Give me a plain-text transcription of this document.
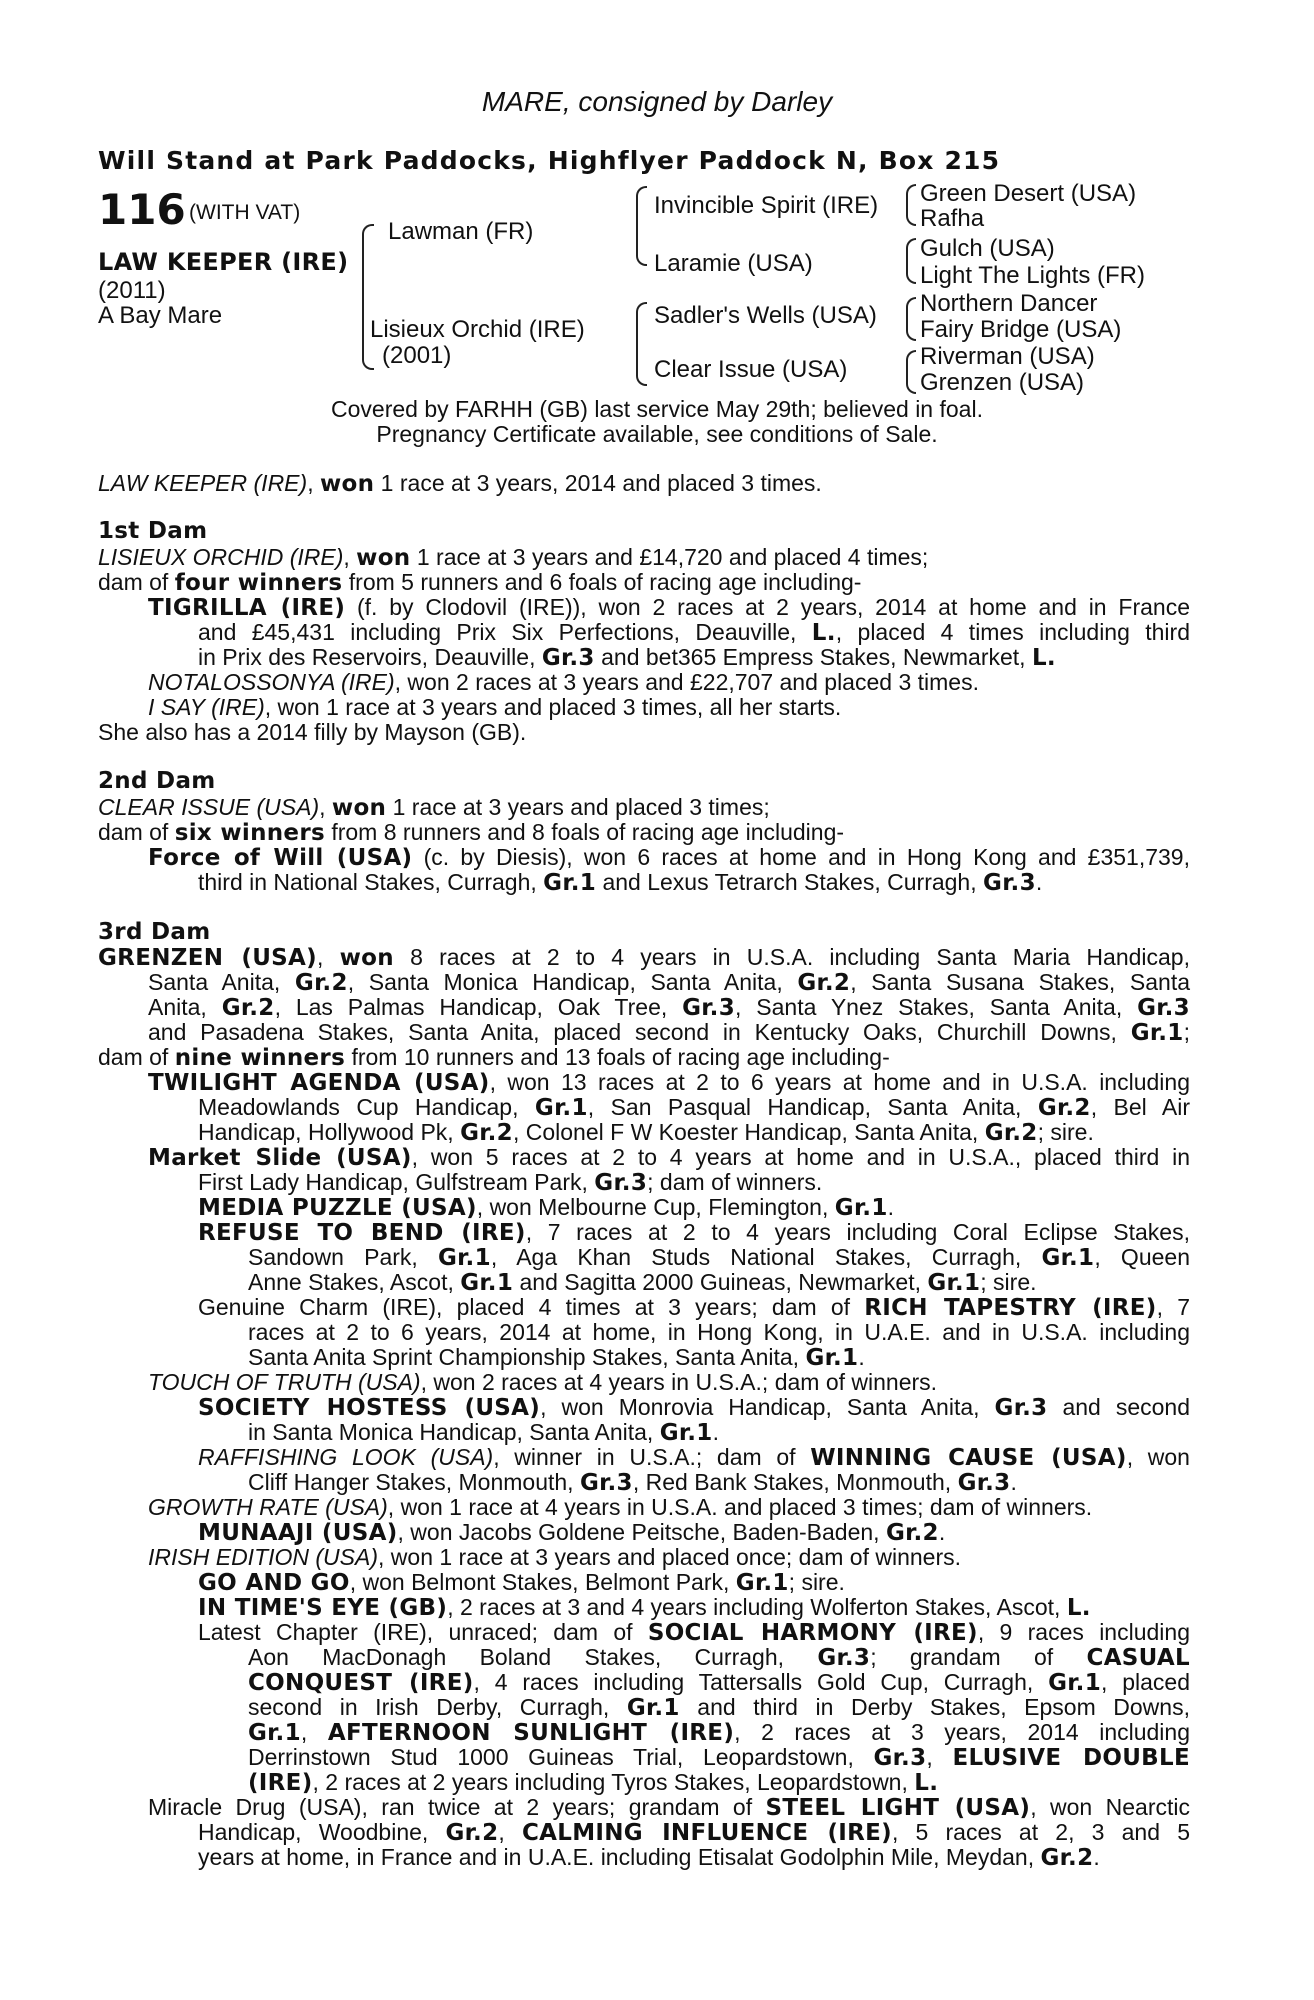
MARE, consigned by Darley
Will Stand at Park Paddocks, Highflyer Paddock N, Box 215
116 (WITH VAT)
LAW KEEPER (IRE)
(2011)
A Bay Mare
Lawman (FR)
Lisieux Orchid (IRE)
(2001)
Invincible Spirit (IRE)
Laramie (USA)
Sadler's Wells (USA)
Clear Issue (USA)
Green Desert (USA)
Rafha
Gulch (USA)
Light The Lights (FR)
Northern Dancer
Fairy Bridge (USA)
Riverman (USA)
Grenzen (USA)
Covered by FARHH (GB) last service May 29th; believed in foal.
Pregnancy Certificate available, see conditions of Sale.
LAW KEEPER (IRE), won 1 race at 3 years, 2014 and placed 3 times.
1st Dam
LISIEUX ORCHID (IRE), won 1 race at 3 years and £14,720 and placed 4 times;
dam of four winners from 5 runners and 6 foals of racing age including-
TIGRILLA (IRE) (f. by Clodovil (IRE)), won 2 races at 2 years, 2014 at home and in France
and £45,431 including Prix Six Perfections, Deauville, L., placed 4 times including third
in Prix des Reservoirs, Deauville, Gr.3 and bet365 Empress Stakes, Newmarket, L.
NOTALOSSONYA (IRE), won 2 races at 3 years and £22,707 and placed 3 times.
I SAY (IRE), won 1 race at 3 years and placed 3 times, all her starts.
She also has a 2014 filly by Mayson (GB).
2nd Dam
CLEAR ISSUE (USA), won 1 race at 3 years and placed 3 times;
dam of six winners from 8 runners and 8 foals of racing age including-
Force of Will (USA) (c. by Diesis), won 6 races at home and in Hong Kong and £351,739,
third in National Stakes, Curragh, Gr.1 and Lexus Tetrarch Stakes, Curragh, Gr.3.
3rd Dam
GRENZEN (USA), won 8 races at 2 to 4 years in U.S.A. including Santa Maria Handicap,
Santa Anita, Gr.2, Santa Monica Handicap, Santa Anita, Gr.2, Santa Susana Stakes, Santa
Anita, Gr.2, Las Palmas Handicap, Oak Tree, Gr.3, Santa Ynez Stakes, Santa Anita, Gr.3
and Pasadena Stakes, Santa Anita, placed second in Kentucky Oaks, Churchill Downs, Gr.1;
dam of nine winners from 10 runners and 13 foals of racing age including-
TWILIGHT AGENDA (USA), won 13 races at 2 to 6 years at home and in U.S.A. including
Meadowlands Cup Handicap, Gr.1, San Pasqual Handicap, Santa Anita, Gr.2, Bel Air
Handicap, Hollywood Pk, Gr.2, Colonel F W Koester Handicap, Santa Anita, Gr.2; sire.
Market Slide (USA), won 5 races at 2 to 4 years at home and in U.S.A., placed third in
First Lady Handicap, Gulfstream Park, Gr.3; dam of winners.
MEDIA PUZZLE (USA), won Melbourne Cup, Flemington, Gr.1.
REFUSE TO BEND (IRE), 7 races at 2 to 4 years including Coral Eclipse Stakes,
Sandown Park, Gr.1, Aga Khan Studs National Stakes, Curragh, Gr.1, Queen
Anne Stakes, Ascot, Gr.1 and Sagitta 2000 Guineas, Newmarket, Gr.1; sire.
Genuine Charm (IRE), placed 4 times at 3 years; dam of RICH TAPESTRY (IRE), 7
races at 2 to 6 years, 2014 at home, in Hong Kong, in U.A.E. and in U.S.A. including
Santa Anita Sprint Championship Stakes, Santa Anita, Gr.1.
TOUCH OF TRUTH (USA), won 2 races at 4 years in U.S.A.; dam of winners.
SOCIETY HOSTESS (USA), won Monrovia Handicap, Santa Anita, Gr.3 and second
in Santa Monica Handicap, Santa Anita, Gr.1.
RAFFISHING LOOK (USA), winner in U.S.A.; dam of WINNING CAUSE (USA), won
Cliff Hanger Stakes, Monmouth, Gr.3, Red Bank Stakes, Monmouth, Gr.3.
GROWTH RATE (USA), won 1 race at 4 years in U.S.A. and placed 3 times; dam of winners.
MUNAAJI (USA), won Jacobs Goldene Peitsche, Baden-Baden, Gr.2.
IRISH EDITION (USA), won 1 race at 3 years and placed once; dam of winners.
GO AND GO, won Belmont Stakes, Belmont Park, Gr.1; sire.
IN TIME'S EYE (GB), 2 races at 3 and 4 years including Wolferton Stakes, Ascot, L.
Latest Chapter (IRE), unraced; dam of SOCIAL HARMONY (IRE), 9 races including
Aon MacDonagh Boland Stakes, Curragh, Gr.3; grandam of CASUAL
CONQUEST (IRE), 4 races including Tattersalls Gold Cup, Curragh, Gr.1, placed
second in Irish Derby, Curragh, Gr.1 and third in Derby Stakes, Epsom Downs,
Gr.1, AFTERNOON SUNLIGHT (IRE), 2 races at 3 years, 2014 including
Derrinstown Stud 1000 Guineas Trial, Leopardstown, Gr.3, ELUSIVE DOUBLE
(IRE), 2 races at 2 years including Tyros Stakes, Leopardstown, L.
Miracle Drug (USA), ran twice at 2 years; grandam of STEEL LIGHT (USA), won Nearctic
Handicap, Woodbine, Gr.2, CALMING INFLUENCE (IRE), 5 races at 2, 3 and 5
years at home, in France and in U.A.E. including Etisalat Godolphin Mile, Meydan, Gr.2.
